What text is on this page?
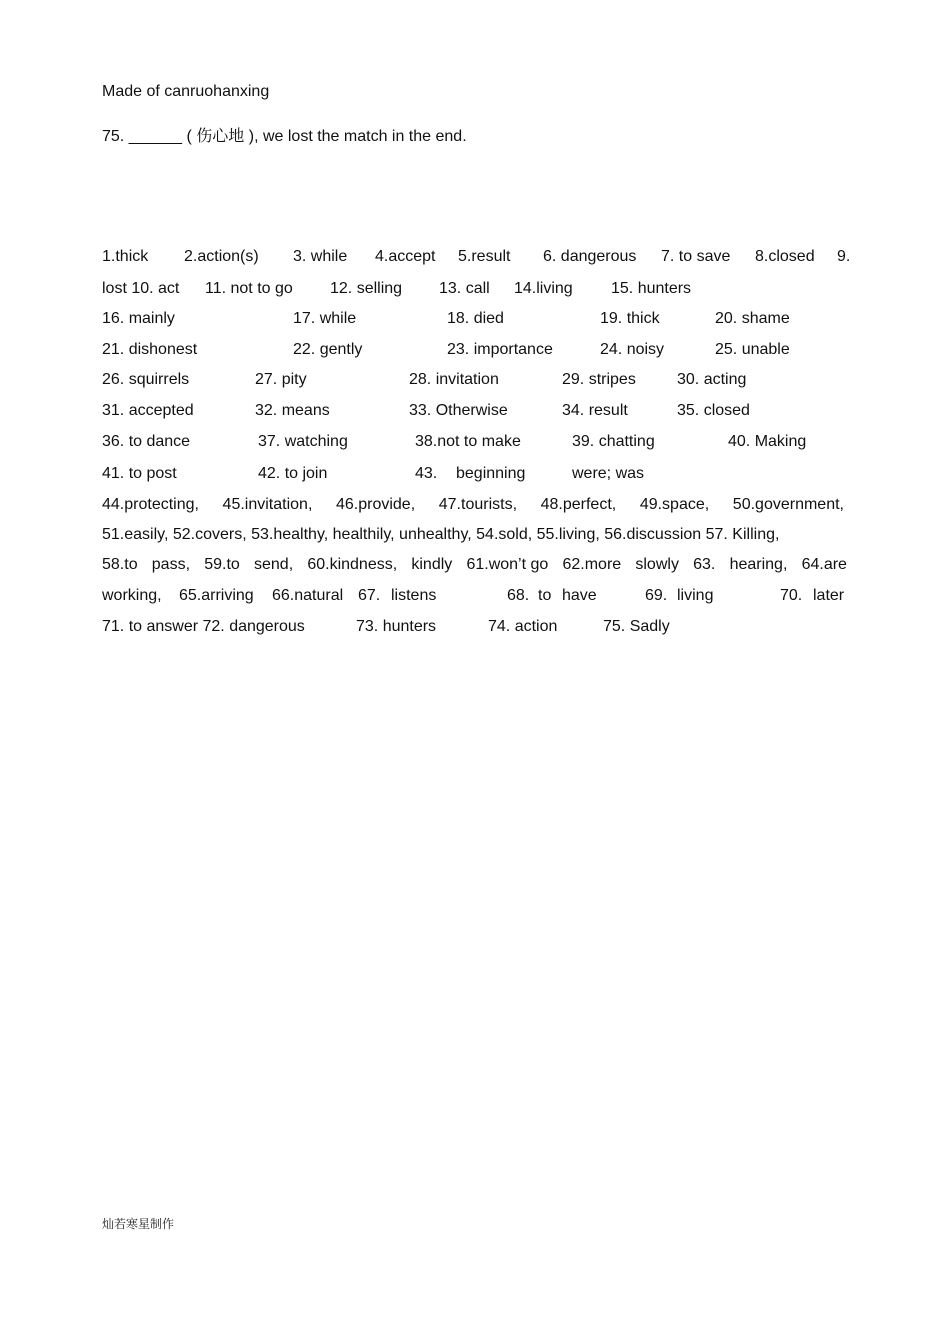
Made of canruohanxing
75. ______ ( 伤心地 ), we lost the match in the end.
1.thick 2.action(s) 3. while 4.accept 5.result 6. dangerous 7. to save 8.closed 9.
lost 10. act 11. not to go 12. selling 13. call 14.living 15. hunters
16. mainly	17. while	18. died	19. thick	20. shame
21. dishonest	22. gently	23. importance	24. noisy	25. unable
26. squirrels	27. pity	28. invitation	29. stripes	30. acting
31. accepted	32. means	33. Otherwise	34. result	35. closed
36. to dance	37. watching	38.not to make	39. chatting	40. Making
41. to post	42. to join	43. beginning	were; was
44.protecting, 45.invitation, 46.provide, 47.tourists, 48.perfect, 49.space, 50.government,
51.easily, 52.covers, 53.healthy, healthily, unhealthy, 54.sold, 55.living, 56.discussion 57. Killing,
58.to pass, 59.to send, 60.kindness, kindly 61.won’t go 62.more slowly 63. hearing, 64.are
working, 65.arriving 66.natural 67. listens	68. to have	69. living	70. later
71. to answer 72. dangerous	73. hunters	74. action	75. Sadly
灿若寒星制作
